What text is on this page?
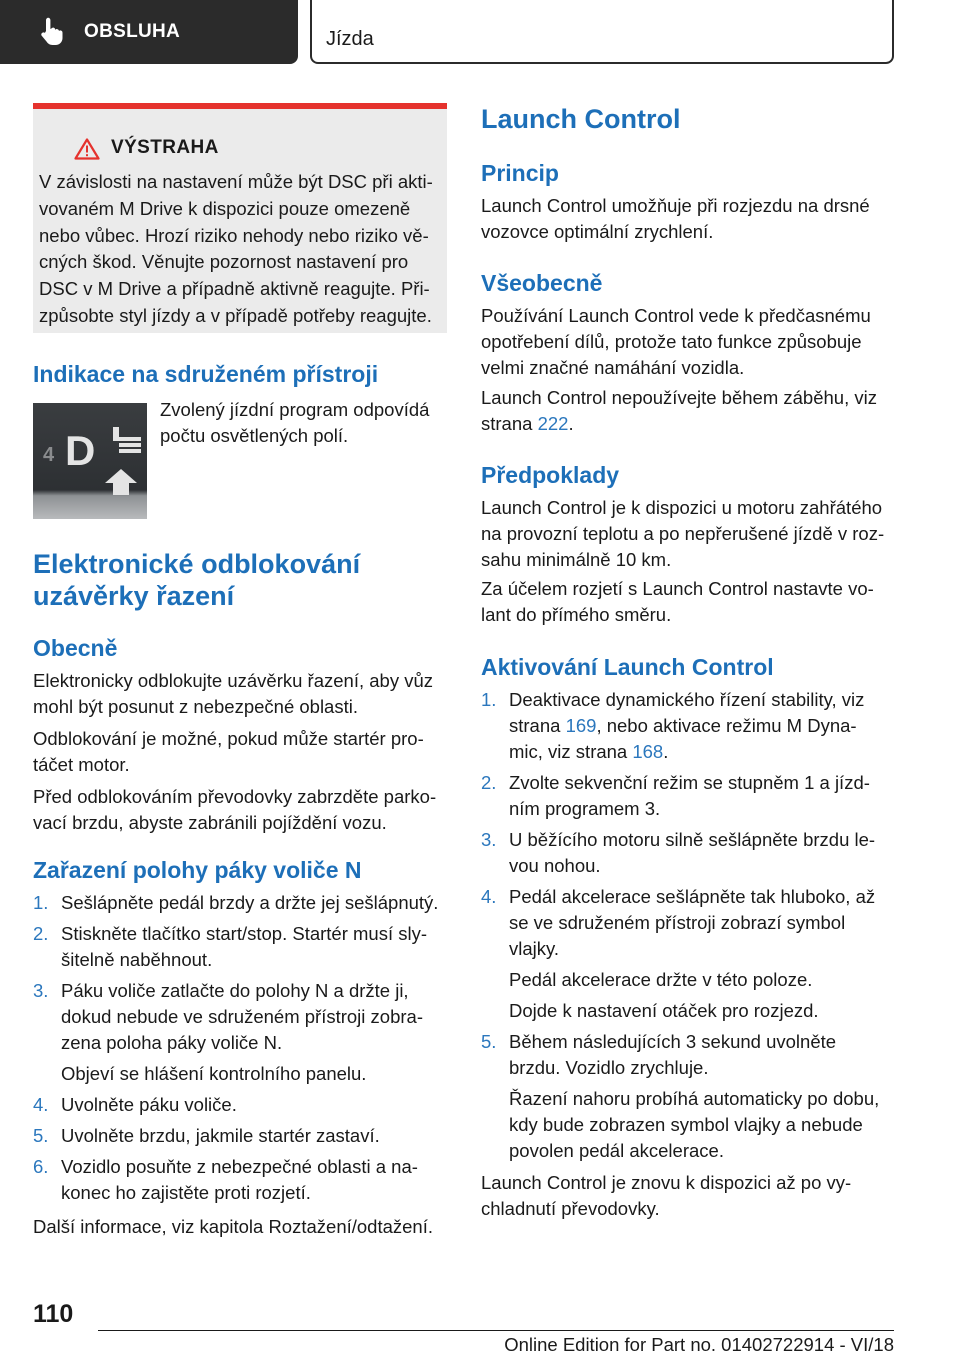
OBSLUHA	Jízda
VÝSTRAHA

V závislosti na nastavení může být DSC při akti-
vovaném M Drive k dispozici pouze omezeně
nebo vůbec. Hrozí riziko nehody nebo riziko vě-
cných škod. Věnujte pozornost nastavení pro
DSC v M Drive a případně aktivně reagujte. Při-
způsobte styl jízdy a v případě potřeby reagujte.

Indikace na sdruženém přístroji
4 D

Zvolený jízdní program odpovídá
počtu osvětlených polí.

Elektronické odblokování
uzávěrky řazení
Obecně

Elektronicky odblokujte uzávěrku řazení, aby vůz
mohl být posunut z nebezpečné oblasti.

Odblokování je možné, pokud může startér pro-
táčet motor.

Před odblokováním převodovky zabrzděte parko-
vací brzdu, abyste zabránili pojíždění vozu.

Zařazení polohy páky voliče N
1. Sešlápněte pedál brzdy a držte jej sešlápnutý.
2. Stiskněte tlačítko start/stop. Startér musí sly-
šitelně naběhnout.
3. Páku voliče zatlačte do polohy N a držte ji,
dokud nebude ve sdruženém přístroji zobra-
zena poloha páky voliče N.
Objeví se hlášení kontrolního panelu.
4. Uvolněte páku voliče.
5. Uvolněte brzdu, jakmile startér zastaví.
6. Vozidlo posuňte z nebezpečné oblasti a na-
konec ho zajistěte proti rozjetí.

Další informace, viz kapitola Roztažení/odtažení.

Launch Control
Princip

Launch Control umožňuje při rozjezdu na drsné
vozovce optimální zrychlení.

Všeobecně

Používání Launch Control vede k předčasnému
opotřebení dílů, protože tato funkce způsobuje
velmi značné namáhání vozidla.

Launch Control nepoužívejte během záběhu, viz
strana 222.

Předpoklady

Launch Control je k dispozici u motoru zahřátého
na provozní teplotu a po nepřerušené jízdě v roz-
sahu minimálně 10 km.

Za účelem rozjetí s Launch Control nastavte vo-
lant do přímého směru.

Aktivování Launch Control
1. Deaktivace dynamického řízení stability, viz
strana 169, nebo aktivace režimu M Dyna-
mic, viz strana 168.
2. Zvolte sekvenční režim se stupněm 1 a jízd-
ním programem 3.
3. U běžícího motoru silně sešlápněte brzdu le-
vou nohou.
4. Pedál akcelerace sešlápněte tak hluboko, až
se ve sdruženém přístroji zobrazí symbol
vlajky.
Pedál akcelerace držte v této poloze.
Dojde k nastavení otáček pro rozjezd.
5. Během následujících 3 sekund uvolněte
brzdu. Vozidlo zrychluje.
Řazení nahoru probíhá automaticky po dobu,
kdy bude zobrazen symbol vlajky a nebude
povolen pedál akcelerace.

Launch Control je znovu k dispozici až po vy-
chladnutí převodovky.

110
Online Edition for Part no. 01402722914 - VI/18
